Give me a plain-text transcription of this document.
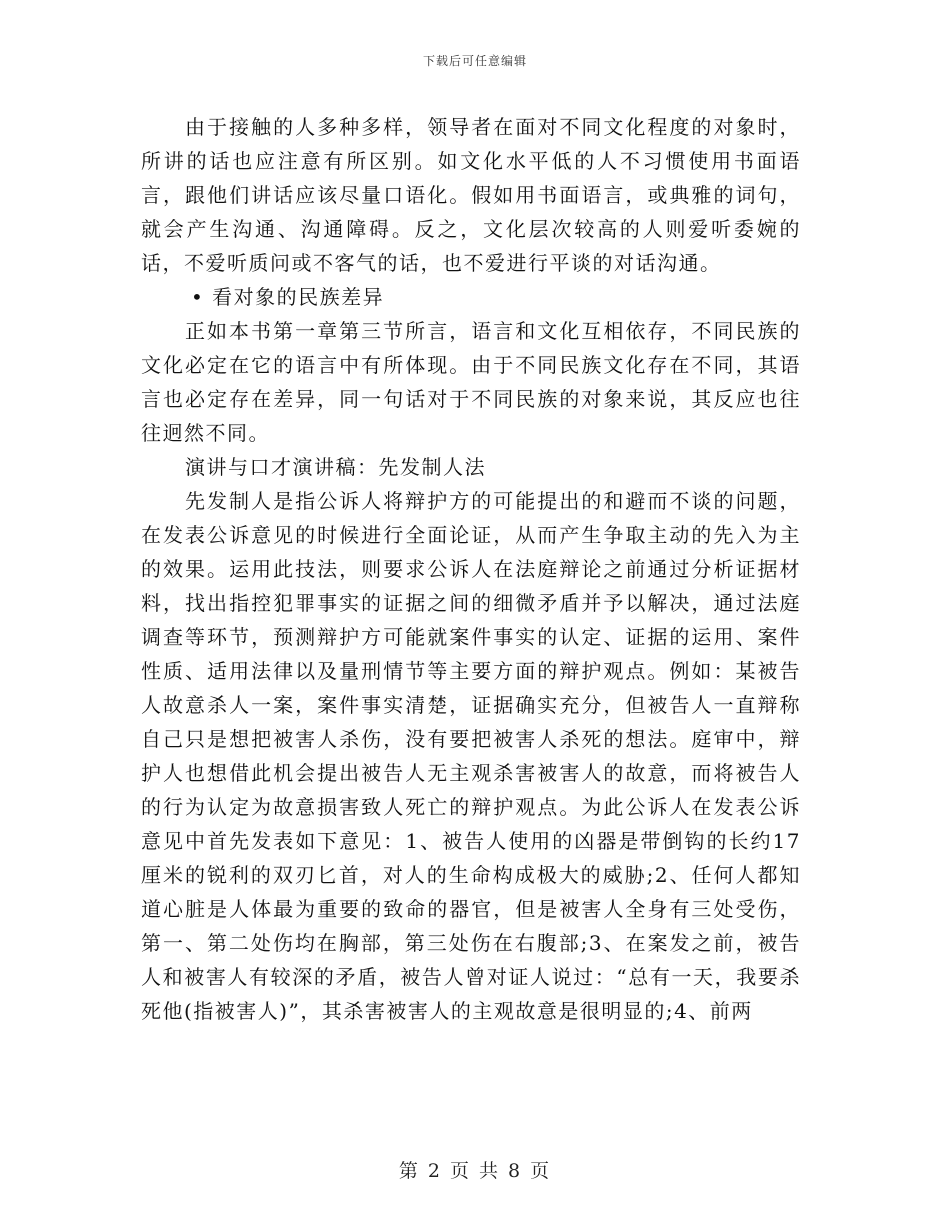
下载后可任意编辑

由于接触的人多种多样，领导者在面对不同文化程度的对象时，所讲的话也应注意有所区别。如文化水平低的人不习惯使用书面语言，跟他们讲话应该尽量口语化。假如用书面语言，或典雅的词句，就会产生沟通、沟通障碍。反之，文化层次较高的人则爱听委婉的话，不爱听质问或不客气的话，也不爱进行平谈的对话沟通。

• 看对象的民族差异

正如本书第一章第三节所言，语言和文化互相依存，不同民族的文化必定在它的语言中有所体现。由于不同民族文化存在不同，其语言也必定存在差异，同一句话对于不同民族的对象来说，其反应也往往迥然不同。

演讲与口才演讲稿：先发制人法

先发制人是指公诉人将辩护方的可能提出的和避而不谈的问题，在发表公诉意见的时候进行全面论证，从而产生争取主动的先入为主的效果。运用此技法，则要求公诉人在法庭辩论之前通过分析证据材料，找出指控犯罪事实的证据之间的细微矛盾并予以解决，通过法庭调查等环节，预测辩护方可能就案件事实的认定、证据的运用、案件性质、适用法律以及量刑情节等主要方面的辩护观点。例如：某被告人故意杀人一案，案件事实清楚，证据确实充分，但被告人一直辩称自己只是想把被害人杀伤，没有要把被害人杀死的想法。庭审中，辩护人也想借此机会提出被告人无主观杀害被害人的故意，而将被告人的行为认定为故意损害致人死亡的辩护观点。为此公诉人在发表公诉意见中首先发表如下意见：1、被告人使用的凶器是带倒钩的长约17厘米的锐利的双刃匕首，对人的生命构成极大的威胁;2、任何人都知道心脏是人体最为重要的致命的器官，但是被害人全身有三处受伤，第一、第二处伤均在胸部，第三处伤在右腹部;3、在案发之前，被告人和被害人有较深的矛盾，被告人曾对证人说过：“总有一天，我要杀死他(指被害人)”，其杀害被害人的主观故意是很明显的;4、前两

第 2 页 共 8 页
